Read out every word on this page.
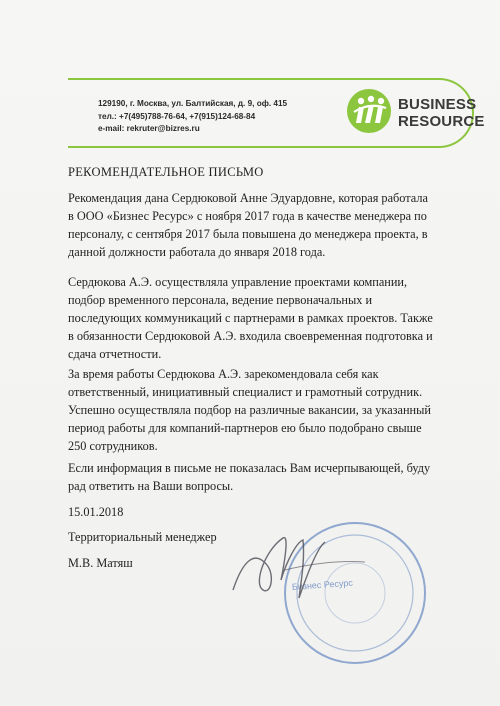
129190, г. Москва, ул. Балтийская, д. 9, оф. 415
тел.: +7(495)788-76-64, +7(915)124-68-84
e-mail: rekruter@bizres.ru
BUSINESS
RESOURCE
РЕКОМЕНДАТЕЛЬНОЕ ПИСЬМО
Рекомендация дана Сердюковой Анне Эдуардовне, которая работала
в ООО «Бизнес Ресурс» с ноября 2017 года в качестве менеджера по
персоналу, с сентября 2017 была повышена до менеджера проекта, в
данной должности работала до января 2018 года.
Сердюкова А.Э. осуществляла управление проектами компании,
подбор временного персонала, ведение первоначальных и
последующих коммуникаций с партнерами в рамках проектов. Также
в обязанности Сердюковой А.Э. входила своевременная подготовка и
сдача отчетности.
За время работы Сердюкова А.Э. зарекомендовала себя как
ответственный, инициативный специалист и грамотный сотрудник.
Успешно осуществляла подбор на различные вакансии, за указанный
период работы для компаний-партнеров ею было подобрано свыше
250 сотрудников.
Если информация в письме не показалась Вам исчерпывающей, буду
рад ответить на Ваши вопросы.
15.01.2018
Территориальный менеджер
М.В. Матяш
Бизнес Ресурс
